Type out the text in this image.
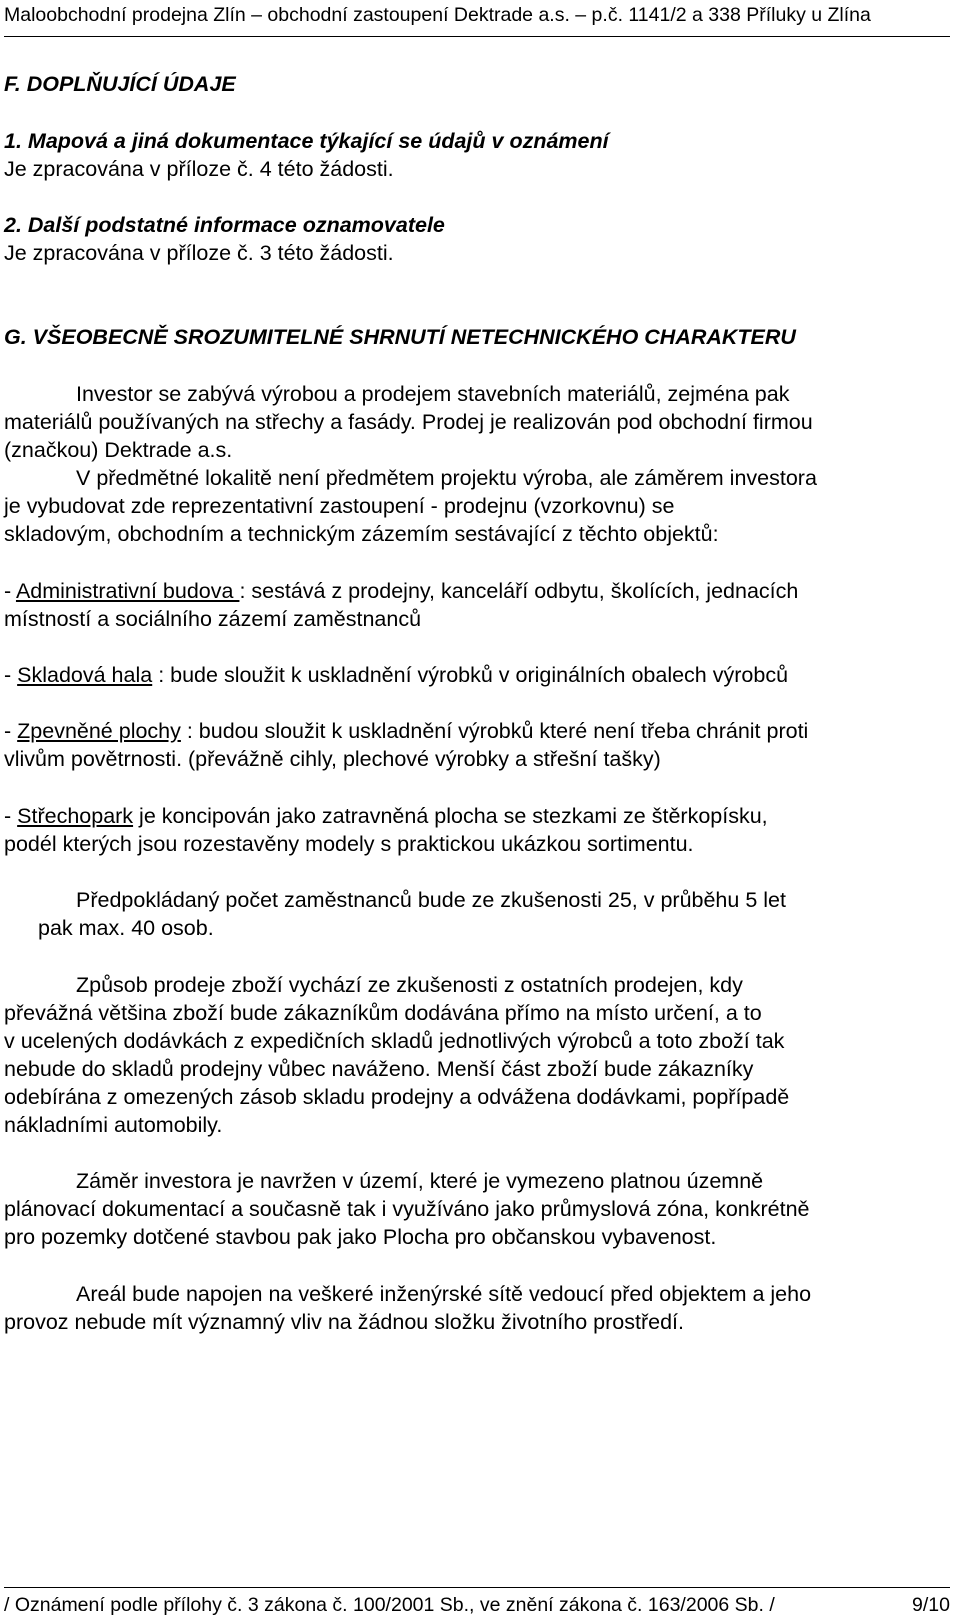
Maloobchodní prodejna Zlín – obchodní zastoupení Dektrade a.s. – p.č. 1141/2 a 338 Příluky u Zlína
F. DOPLŇUJÍCÍ ÚDAJE
1. Mapová a jiná dokumentace týkající se údajů v oznámení
Je zpracována v příloze č. 4 této žádosti.
2. Další podstatné informace oznamovatele
Je zpracována v příloze č. 3 této žádosti.
G. VŠEOBECNĚ SROZUMITELNÉ SHRNUTÍ NETECHNICKÉHO CHARAKTERU
Investor se zabývá výrobou a prodejem stavebních materiálů, zejména pak
materiálů používaných na střechy a fasády. Prodej je realizován pod obchodní firmou
(značkou) Dektrade a.s.
V předmětné lokalitě není předmětem projektu výroba, ale záměrem investora
je vybudovat zde reprezentativní zastoupení - prodejnu (vzorkovnu) se
skladovým, obchodním a technickým zázemím sestávající z těchto objektů:
- Administrativní budova : sestává z prodejny, kanceláří odbytu, školících, jednacích
místností a sociálního zázemí zaměstnanců
- Skladová hala : bude sloužit k uskladnění výrobků v originálních obalech výrobců
- Zpevněné plochy : budou sloužit k uskladnění výrobků které není třeba chránit proti
vlivům povětrnosti. (převážně cihly, plechové výrobky a střešní tašky)
- Střechopark je koncipován jako zatravněná plocha se stezkami ze štěrkopísku,
podél kterých jsou rozestavěny modely s praktickou ukázkou sortimentu.
Předpokládaný počet zaměstnanců bude ze zkušenosti 25, v průběhu 5 let
pak max. 40 osob.
Způsob prodeje zboží vychází ze zkušenosti z ostatních prodejen, kdy
převážná většina zboží bude zákazníkům dodávána přímo na místo určení, a to
v ucelených dodávkách z expedičních skladů jednotlivých výrobců a toto zboží tak
nebude do skladů prodejny vůbec naváženo. Menší část zboží bude zákazníky
odebírána z omezených zásob skladu prodejny a odvážena dodávkami, popřípadě
nákladními automobily.
Záměr investora je navržen v území, které je vymezeno platnou územně
plánovací dokumentací a současně tak i využíváno jako průmyslová zóna, konkrétně
pro pozemky dotčené stavbou pak jako Plocha pro občanskou vybavenost.
Areál bude napojen na veškeré inženýrské sítě vedoucí před objektem a jeho
provoz nebude mít významný vliv na žádnou složku životního prostředí.
/ Oznámení podle přílohy č. 3 zákona č. 100/2001 Sb., ve znění zákona č. 163/2006 Sb. /	9/10
